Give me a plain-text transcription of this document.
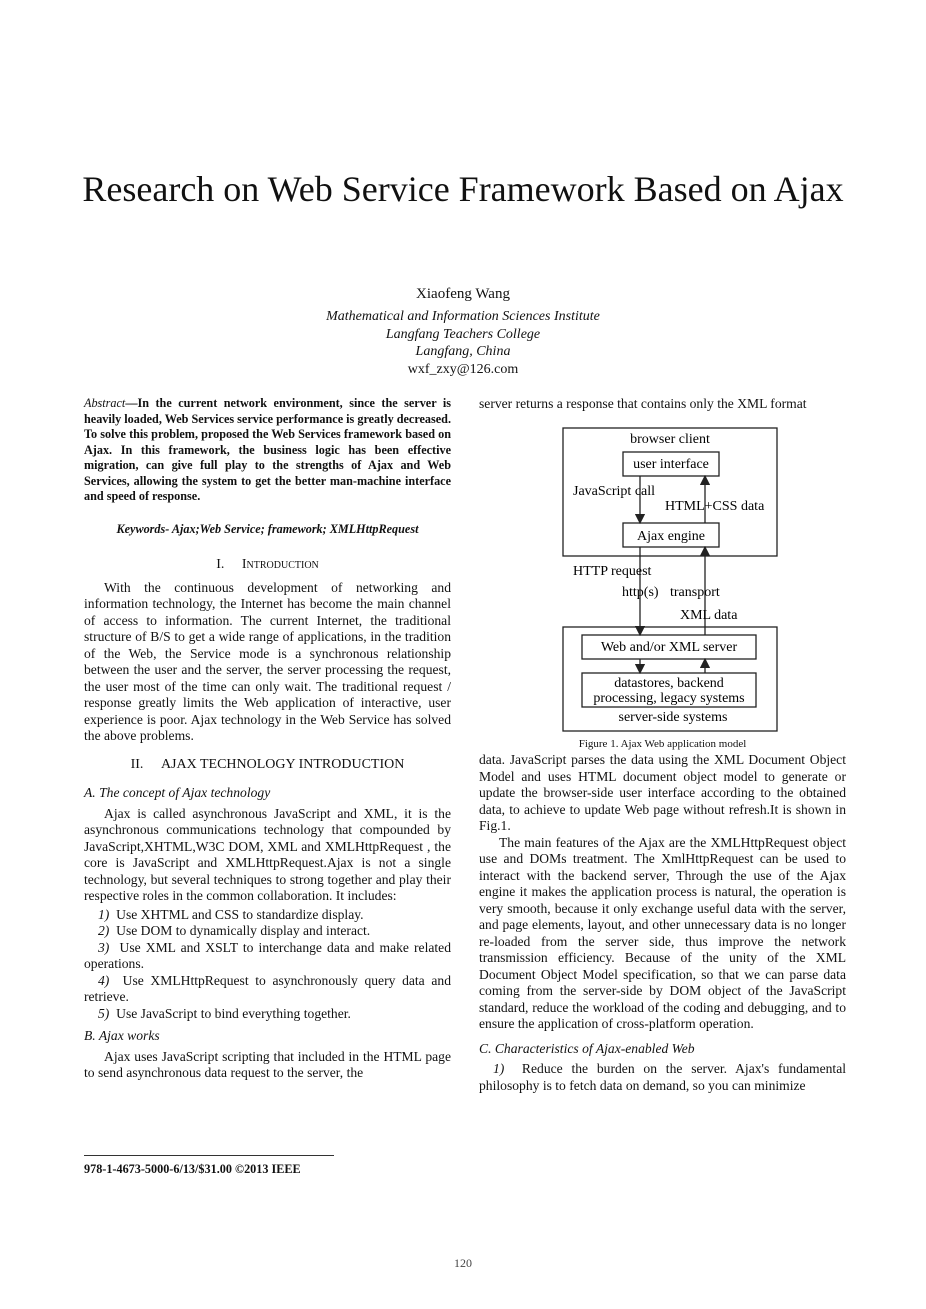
Research on Web Service Framework Based on Ajax
Xiaofeng Wang
Mathematical and Information Sciences Institute
Langfang Teachers College
Langfang, China
wxf_zxy@126.com

Abstract—In the current network environment, since the server is heavily loaded, Web Services service performance is greatly decreased. To solve this problem, proposed the Web Services framework based on Ajax. In this framework, the business logic has been effective migration, can give full play to the strengths of Ajax and Web Services, allowing the system to get the better man-machine interface and speed of response.

Keywords- Ajax;Web Service; framework; XMLHttpRequest

I. Introduction

With the continuous development of networking and information technology, the Internet has become the main channel of access to information. The current Internet, the traditional structure of B/S to get a wide range of applications, in the tradition of the Web, the Service mode is a synchronous relationship between the user and the server, the server processing the request, the user most of the time can only wait. The traditional request / response greatly limits the Web application of interactive, user experience is poor. Ajax technology in the Web Service has solved the above problems.

II. AJAX TECHNOLOGY INTRODUCTION

A. The concept of Ajax technology

Ajax is called asynchronous JavaScript and XML, it is the asynchronous communications technology that compounded by JavaScript,XHTML,W3C DOM, XML and XMLHttpRequest , the core is JavaScript and XMLHttpRequest.Ajax is not a single technology, but several techniques to strong together and play their respective roles in the common collaboration. It includes:

1) Use XHTML and CSS to standardize display.

2) Use DOM to dynamically display and interact.

3) Use XML and XSLT to interchange data and make related operations.

4) Use XMLHttpRequest to asynchronously query data and retrieve.

5) Use JavaScript to bind everything together.

B. Ajax works

Ajax uses JavaScript scripting that included in the HTML page to send asynchronous data request to the server, the

978-1-4673-5000-6/13/$31.00 ©2013 IEEE

server returns a response that contains only the XML format

browser client
user interface
Ajax engine
JavaScript call
HTML+CSS data
HTTP request
http(s) transport
XML data
Web and/or XML server
datastores, backend
processing, legacy systems
server-side systems
Figure 1. Ajax Web application model

data. JavaScript parses the data using the XML Document Object Model and uses HTML document object model to generate or update the browser-side user interface according to the obtained data, to achieve to update Web page without refresh.It is shown in Fig.1.

The main features of the Ajax are the XMLHttpRequest object use and DOMs treatment. The XmlHttpRequest can be used to interact with the backend server, Through the use of the Ajax engine it makes the application process is natural, the operation is very smooth, because it only exchange useful data with the server, and page elements, layout, and other unnecessary data is no longer re-loaded from the server side, thus improve the network transmission efficiency. Because of the unity of the XML Document Object Model specification, so that we can parse data coming from the server-side by DOM object of the JavaScript standard, reduce the workload of the coding and debugging, and to ensure the application of cross-platform operation.

C. Characteristics of Ajax-enabled Web

1) Reduce the burden on the server. Ajax's fundamental philosophy is to fetch data on demand, so you can minimize

120
